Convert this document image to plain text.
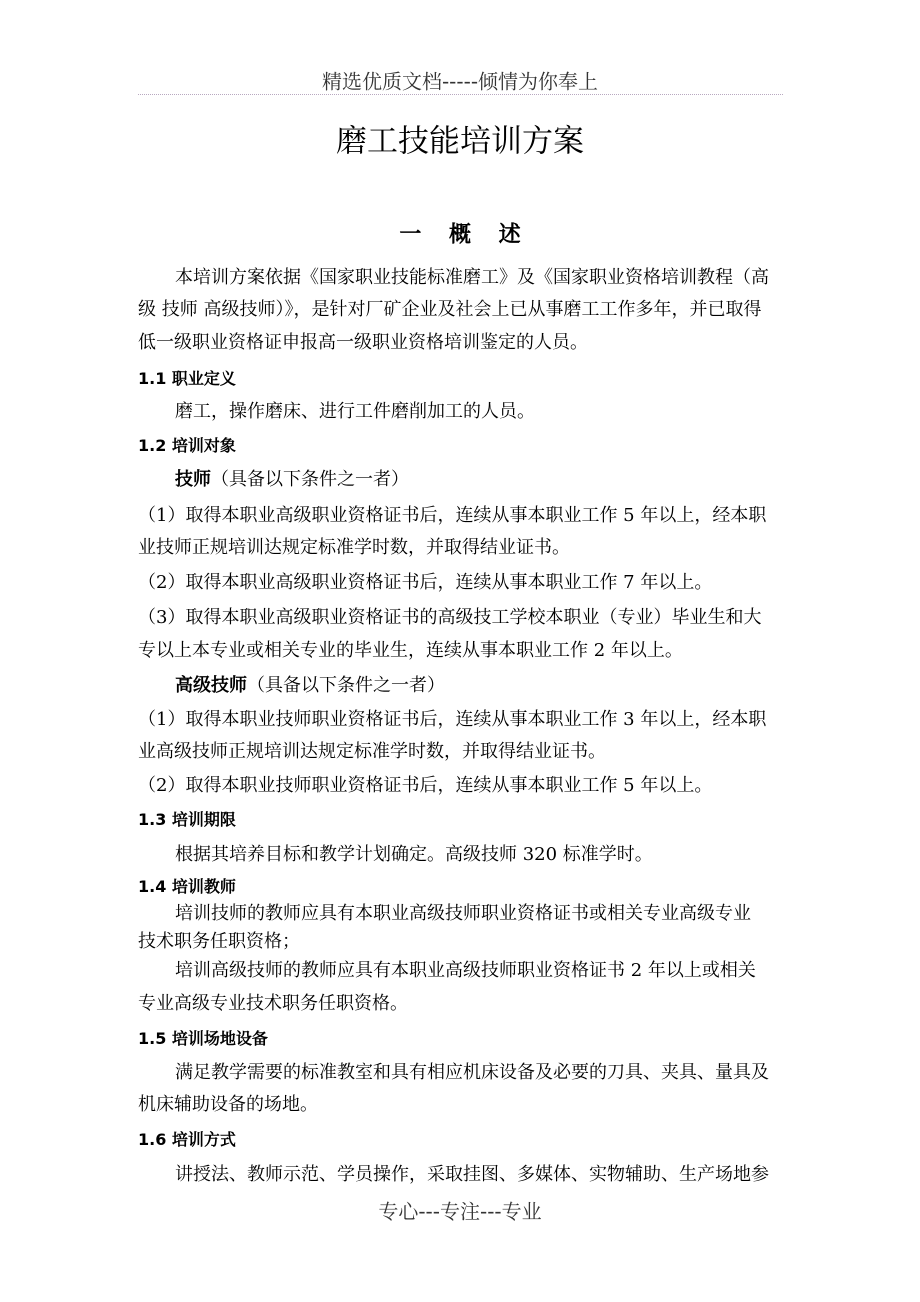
精选优质文档-----倾情为你奉上
磨工技能培训方案
一 概 述
本培训方案依据《国家职业技能标准磨工》及《国家职业资格培训教程（高
级 技师 高级技师）》，是针对厂矿企业及社会上已从事磨工工作多年，并已取得
低一级职业资格证申报高一级职业资格培训鉴定的人员。
1.1 职业定义
磨工，操作磨床、进行工件磨削加工的人员。
1.2 培训对象
技师（具备以下条件之一者）
（1）取得本职业高级职业资格证书后，连续从事本职业工作 5 年以上，经本职
业技师正规培训达规定标准学时数，并取得结业证书。
（2）取得本职业高级职业资格证书后，连续从事本职业工作 7 年以上。
（3）取得本职业高级职业资格证书的高级技工学校本职业（专业）毕业生和大
专以上本专业或相关专业的毕业生，连续从事本职业工作 2 年以上。
高级技师（具备以下条件之一者）
（1）取得本职业技师职业资格证书后，连续从事本职业工作 3 年以上，经本职
业高级技师正规培训达规定标准学时数，并取得结业证书。
（2）取得本职业技师职业资格证书后，连续从事本职业工作 5 年以上。
1.3 培训期限
根据其培养目标和教学计划确定。高级技师 320 标准学时。
1.4 培训教师
培训技师的教师应具有本职业高级技师职业资格证书或相关专业高级专业
技术职务任职资格；
培训高级技师的教师应具有本职业高级技师职业资格证书 2 年以上或相关
专业高级专业技术职务任职资格。
1.5 培训场地设备
满足教学需要的标准教室和具有相应机床设备及必要的刀具、夹具、量具及
机床辅助设备的场地。
1.6 培训方式
讲授法、教师示范、学员操作，采取挂图、多媒体、实物辅助、生产场地参
专心---专注---专业
